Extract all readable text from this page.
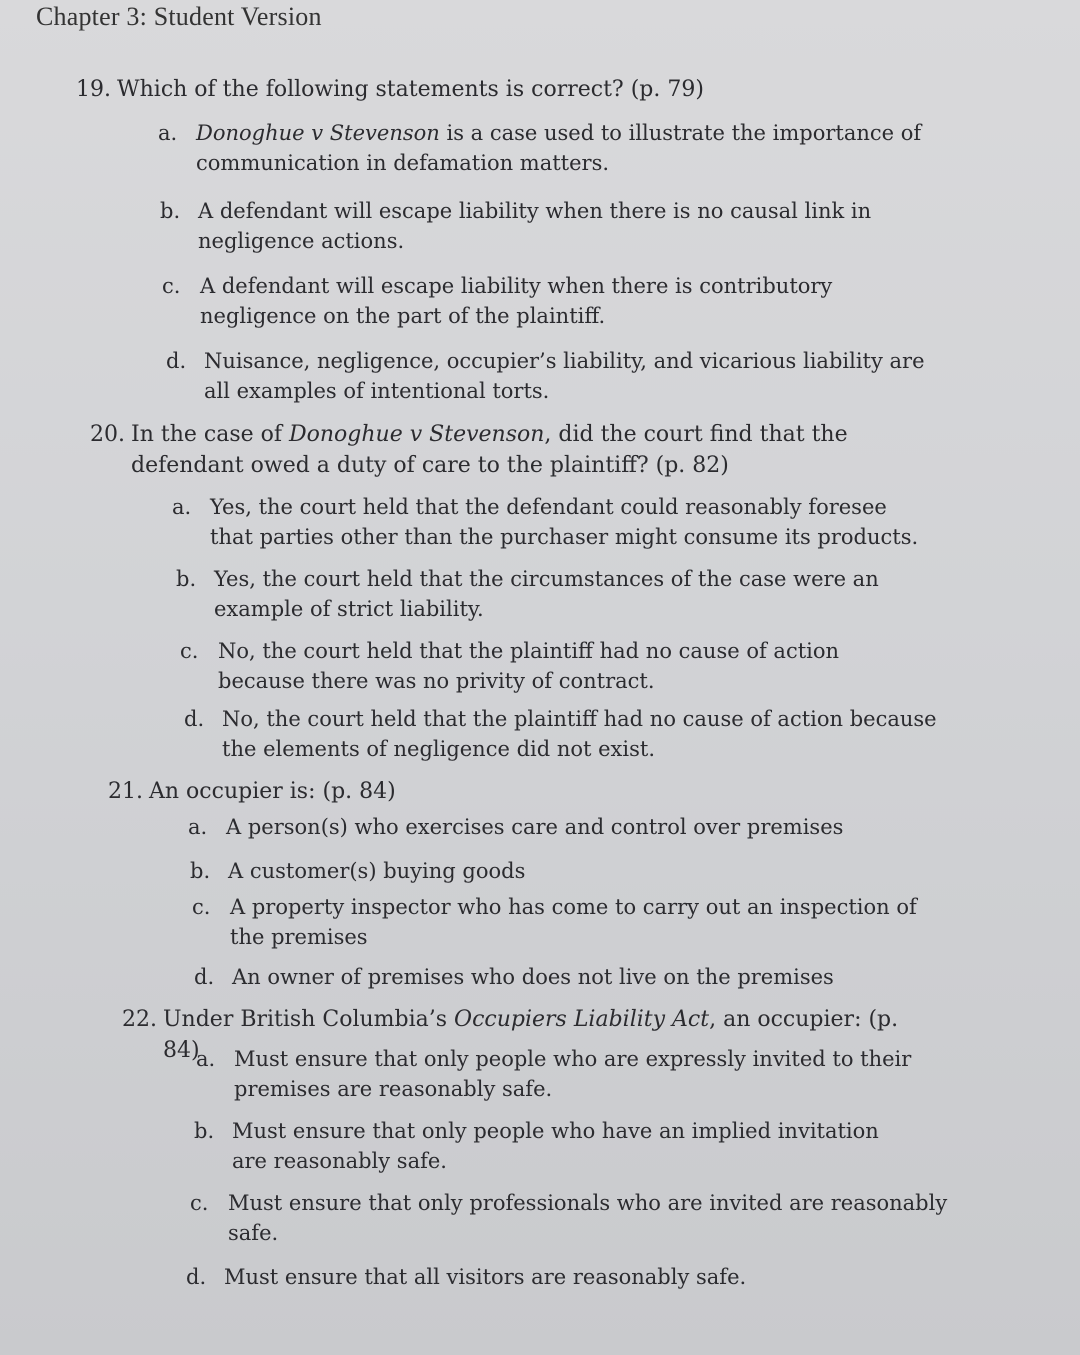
Chapter 3: Student Version
19. Which of the following statements is correct? (p. 79)
a. Donoghue v Stevenson is a case used to illustrate the importance of communication in defamation matters.
b. A defendant will escape liability when there is no causal link in negligence actions.
c. A defendant will escape liability when there is contributory negligence on the part of the plaintiff.
d. Nuisance, negligence, occupier’s liability, and vicarious liability are all examples of intentional torts.
20. In the case of Donoghue v Stevenson, did the court find that the defendant owed a duty of care to the plaintiff? (p. 82)
a. Yes, the court held that the defendant could reasonably foresee that parties other than the purchaser might consume its products.
b. Yes, the court held that the circumstances of the case were an example of strict liability.
c. No, the court held that the plaintiff had no cause of action because there was no privity of contract.
d. No, the court held that the plaintiff had no cause of action because the elements of negligence did not exist.
21. An occupier is: (p. 84)
a. A person(s) who exercises care and control over premises
b. A customer(s) buying goods
c. A property inspector who has come to carry out an inspection of the premises
d. An owner of premises who does not live on the premises
22. Under British Columbia’s Occupiers Liability Act, an occupier: (p. 84)
a. Must ensure that only people who are expressly invited to their premises are reasonably safe.
b. Must ensure that only people who have an implied invitation are reasonably safe.
c. Must ensure that only professionals who are invited are reasonably safe.
d. Must ensure that all visitors are reasonably safe.
